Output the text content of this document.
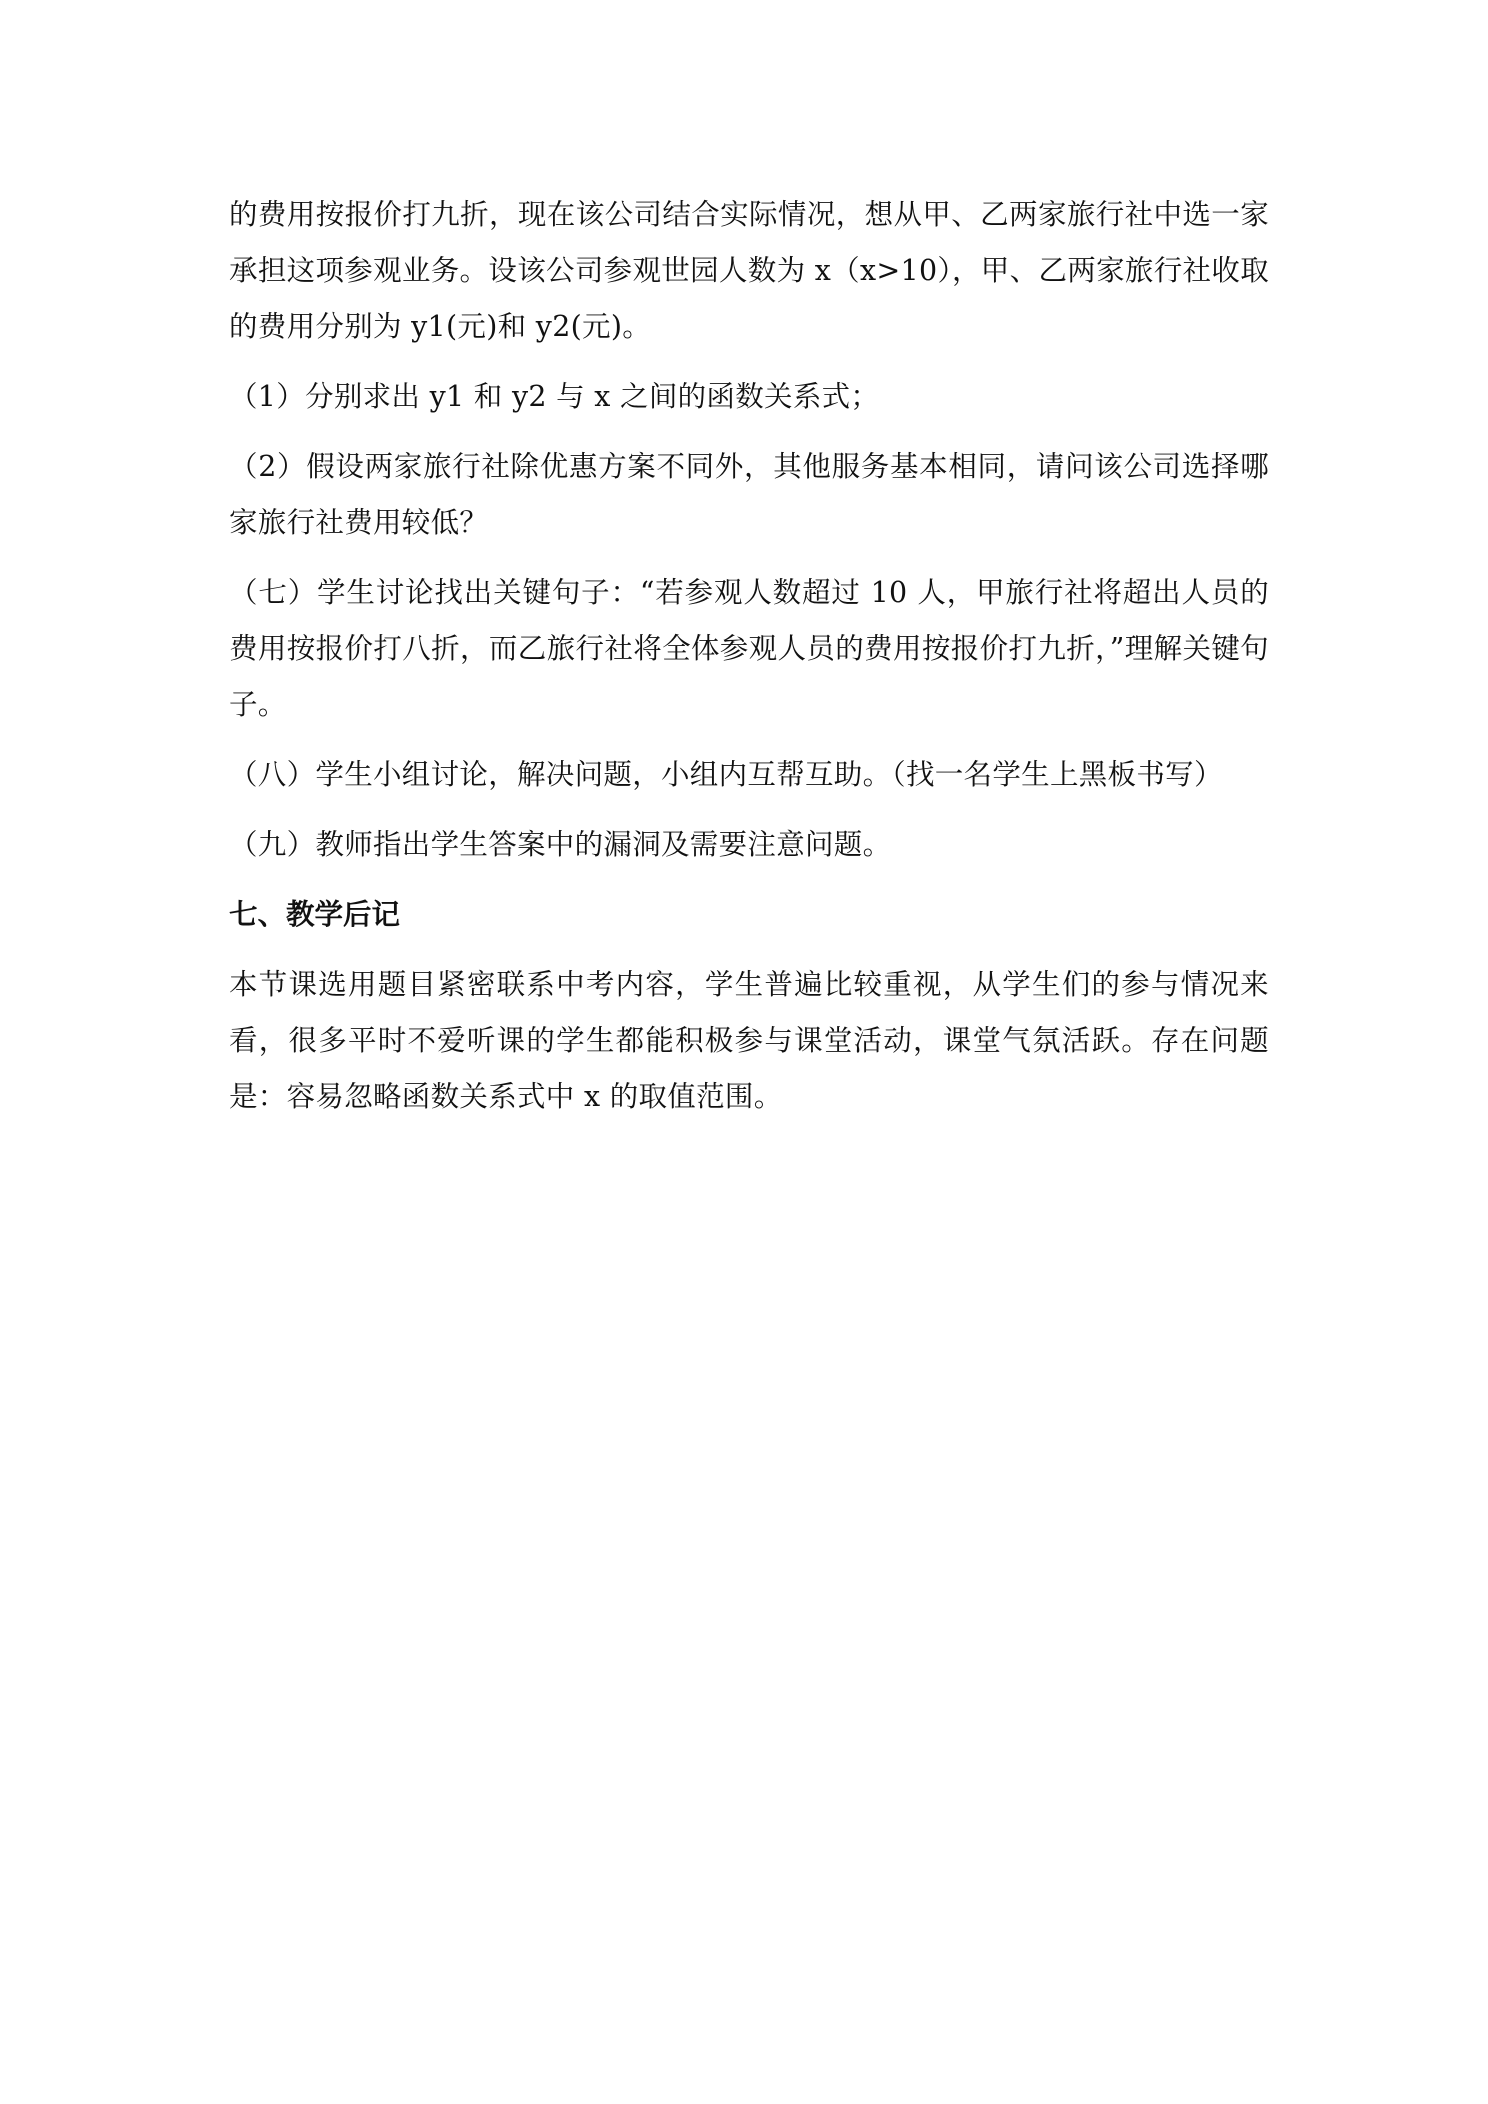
的费用按报价打九折，现在该公司结合实际情况，想从甲、乙两家旅行社中选一家承担这项参观业务。设该公司参观世园人数为 x（x>10），甲、乙两家旅行社收取的费用分别为 y1(元)和 y2(元)。

（1）分别求出 y1 和 y2 与 x 之间的函数关系式；

（2）假设两家旅行社除优惠方案不同外，其他服务基本相同，请问该公司选择哪家旅行社费用较低？

（七）学生讨论找出关键句子：“若参观人数超过 10 人，甲旅行社将超出人员的费用按报价打八折，而乙旅行社将全体参观人员的费用按报价打九折，”理解关键句子。

（八）学生小组讨论，解决问题，小组内互帮互助。（找一名学生上黑板书写）

（九）教师指出学生答案中的漏洞及需要注意问题。

七、教学后记

本节课选用题目紧密联系中考内容，学生普遍比较重视，从学生们的参与情况来看，很多平时不爱听课的学生都能积极参与课堂活动，课堂气氛活跃。存在问题是：容易忽略函数关系式中 x 的取值范围。
